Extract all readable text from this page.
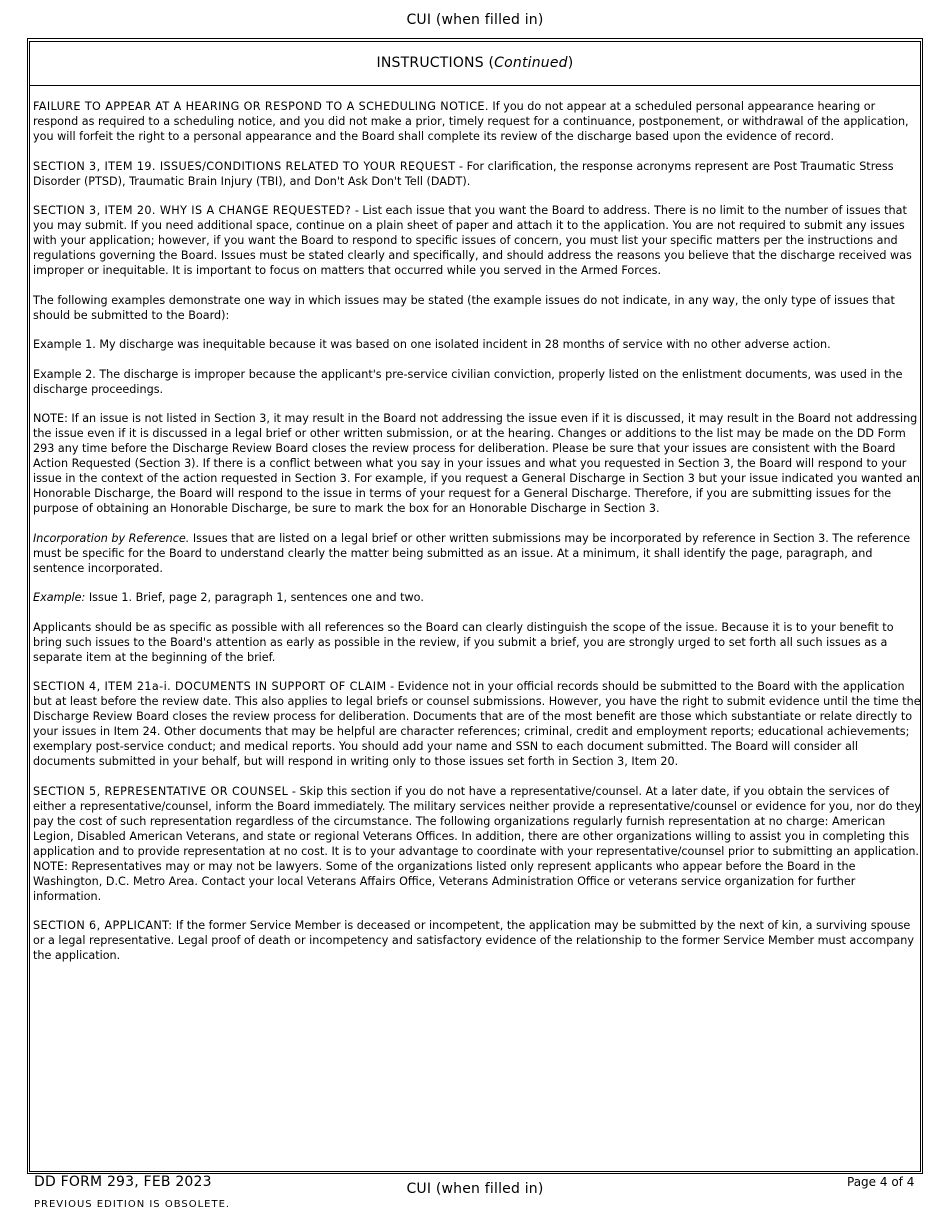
CUI (when filled in)
INSTRUCTIONS
( Continued )

FAILURE TO APPEAR AT A HEARING OR RESPOND TO A SCHEDULING NOTICE. If you do not appear at a scheduled personal appearance hearing or respond as required to a scheduling notice, and you did not make a prior, timely request for a continuance, postponement, or withdrawal of the application, you will forfeit the right to a personal appearance and the Board shall complete its review of the discharge based upon the evidence of record.

SECTION 3, ITEM 19. ISSUES/CONDITIONS RELATED TO YOUR REQUEST - For clarification, the response acronyms represent are Post Traumatic Stress Disorder (PTSD), Traumatic Brain Injury (TBI), and Don't Ask Don't Tell (DADT).

SECTION 3, ITEM 20. WHY IS A CHANGE REQUESTED? - List each issue that you want the Board to address. There is no limit to the number of issues that you may submit. If you need additional space, continue on a plain sheet of paper and attach it to the application. You are not required to submit any issues with your application; however, if you want the Board to respond to specific issues of concern, you must list your specific matters per the instructions and regulations governing the Board. Issues must be stated clearly and specifically, and should address the reasons you believe that the discharge received was improper or inequitable. It is important to focus on matters that occurred while you served in the Armed Forces.

The following examples demonstrate one way in which issues may be stated (the example issues do not indicate, in any way, the only type of issues that should be submitted to the Board):

Example 1. My discharge was inequitable because it was based on one isolated incident in 28 months of service with no other adverse action.

Example 2. The discharge is improper because the applicant's pre-service civilian conviction, properly listed on the enlistment documents, was used in the discharge proceedings.

NOTE: If an issue is not listed in Section 3, it may result in the Board not addressing the issue even if it is discussed, it may result in the Board not addressing the issue even if it is discussed in a legal brief or other written submission, or at the hearing. Changes or additions to the list may be made on the DD Form 293 any time before the Discharge Review Board closes the review process for deliberation. Please be sure that your issues are consistent with the Board Action Requested (Section 3). If there is a conflict between what you say in your issues and what you requested in Section 3, the Board will respond to your issue in the context of the action requested in Section 3. For example, if you request a General Discharge in Section 3 but your issue indicated you wanted an Honorable Discharge, the Board will respond to the issue in terms of your request for a General Discharge. Therefore, if you are submitting issues for the purpose of obtaining an Honorable Discharge, be sure to mark the box for an Honorable Discharge in Section 3.

Incorporation by Reference. Issues that are listed on a legal brief or other written submissions may be incorporated by reference in Section 3. The reference must be specific for the Board to understand clearly the matter being submitted as an issue. At a minimum, it shall identify the page, paragraph, and sentence incorporated.

Example: Issue 1. Brief, page 2, paragraph 1, sentences one and two.

Applicants should be as specific as possible with all references so the Board can clearly distinguish the scope of the issue. Because it is to your benefit to bring such issues to the Board's attention as early as possible in the review, if you submit a brief, you are strongly urged to set forth all such issues as a separate item at the beginning of the brief.

SECTION 4, ITEM 21a-i. DOCUMENTS IN SUPPORT OF CLAIM - Evidence not in your official records should be submitted to the Board with the application but at least before the review date. This also applies to legal briefs or counsel submissions. However, you have the right to submit evidence until the time the Discharge Review Board closes the review process for deliberation. Documents that are of the most benefit are those which substantiate or relate directly to your issues in Item 24. Other documents that may be helpful are character references; criminal, credit and employment reports; educational achievements; exemplary post-service conduct; and medical reports. You should add your name and SSN to each document submitted. The Board will consider all documents submitted in your behalf, but will respond in writing only to those issues set forth in Section 3, Item 20.

SECTION 5, REPRESENTATIVE OR COUNSEL - Skip this section if you do not have a representative/counsel. At a later date, if you obtain the services of either a representative/counsel, inform the Board immediately. The military services neither provide a representative/counsel or evidence for you, nor do they pay the cost of such representation regardless of the circumstance. The following organizations regularly furnish representation at no charge: American Legion, Disabled American Veterans, and state or regional Veterans Offices. In addition, there are other organizations willing to assist you in completing this application and to provide representation at no cost. It is to your advantage to coordinate with your representative/counsel prior to submitting an application. NOTE: Representatives may or may not be lawyers. Some of the organizations listed only represent applicants who appear before the Board in the Washington, D.C. Metro Area. Contact your local Veterans Affairs Office, Veterans Administration Office or veterans service organization for further information.

SECTION 6, APPLICANT: If the former Service Member is deceased or incompetent, the application may be submitted by the next of kin, a surviving spouse or a legal representative. Legal proof of death or incompetency and satisfactory evidence of the relationship to the former Service Member must accompany the application.

DD FORM 293, FEB 2023
PREVIOUS EDITION IS OBSOLETE.
CUI (when filled in)	Page 4 of 4
